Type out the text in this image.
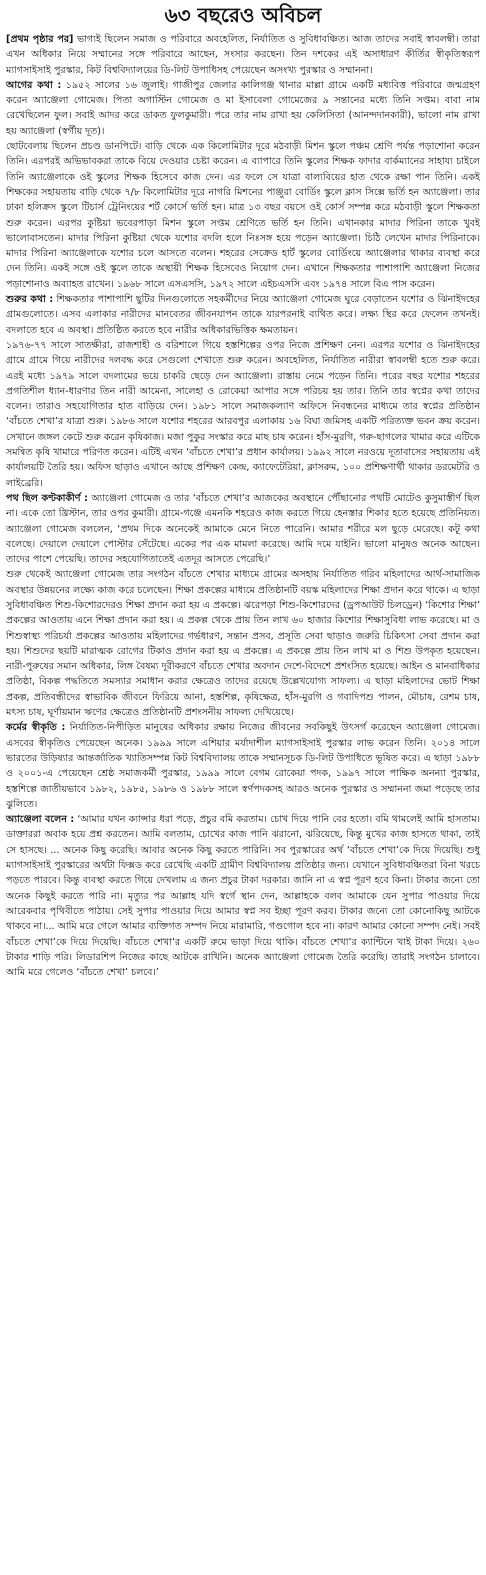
৬৩ বছরেও অবিচল

[প্রথম পৃষ্ঠার পর] ভাগ্যই ছিলেন সমাজ ও পরিবারে অবহেলিত, নির্যাতিত ও সুবিধাবঞ্চিত। আজ তাদের সবাই স্বাবলম্বী। তারা এখন অধিকার নিয়ে সম্মানের সঙ্গে পরিবারে আছেন, সংসার করছেন। তিন দশকের এই অসাধারণ কীর্তির স্বীকৃতিস্বরূপ ম্যাগসাইসাই পুরস্কার, কিট বিশ্ববিদ্যালয়ের ডি-লিট উপাধিসহ পেয়েছেন অসংখ্য পুরস্কার ও সম্মাননা।

আগের কথা : ১৯৫২ সালের ১৬ জুলাই। গাজীপুর জেলার কালিগঞ্জ থানার মাল্লা গ্রামে একটি মধ্যবিত্ত পরিবারে জন্মগ্রহণ করেন অ্যাঞ্জেলা গোমেজ। পিতা অগাস্টিন গোমেজ ও মা ইসাবেলা গোমেজের ৯ সন্তানের মধ্যে তিনি সপ্তম। বাবা নাম রেখেছিলেন ফুল। সবাই আদর করে ডাকত ফুলকুমারী। পরে তার নাম রাখা হয় কেলিসিতা (আনন্দদানকারী), ভালো নাম রাখা হয় অ্যাঞ্জেলা (স্বর্গীয় দূত)।

ছোটবেলায় ছিলেন প্রচণ্ড ডানপিটে। বাড়ি থেকে এক কিলোমিটার দূরে মঠবাড়ী মিশন স্কুলে পঞ্চম শ্রেণি পর্যন্ত পড়াশোনা করেন তিনি। এরপরই অভিভাবকরা তাকে বিয়ে দেওয়ার চেষ্টা করেন। এ ব্যাপারে তিনি স্কুলের শিক্ষক ফাদার বার্কম্যানের সাহায্য চাইলে তিনি অ্যাঞ্জেলাকে ওই স্কুলের শিক্ষক হিসেবে কাজ দেন। এর ফলে সে যাত্রা বাল্যবিয়ের হাত থেকে রক্ষা পান তিনি। একই শিক্ষকের সহায়তায় বাড়ি থেকে ৭/৮ কিলোমিটার দূরে নাগরি মিশনের পাঞ্জুরা বোর্ডিং স্কুলে ক্লাস সিক্সে ভর্তি হন অ্যাঞ্জেলা। তার ঢাকা হলিক্রস স্কুলে টিচার্স ট্রেনিংয়ের শর্ট কোর্সে ভর্তি হন। মাত্র ১৩ বছর বয়সে ওই কোর্স সম্পন্ন করে মঠবাড়ী স্কুলে শিক্ষকতা শুরু করেন। এরপর কুষ্টিয়া ভবেরপাড়া মিশন স্কুলে সপ্তম শ্রেণিতে ভর্তি হন তিনি। এখানকার মাদার পিরিনা তাকে খুবই ভালোবাসতেন। মাদার পিরিনা কুষ্টিয়া থেকে যশোর বদলি হলে নিঃসঙ্গ হয়ে পড়েন অ্যাঞ্জেলা। চিঠি লেখেন মাদার পিরিনাকে। মাদার পিরিনা অ্যাঞ্জেলাকে যশোর চলে আসতে বলেন। শহরের সেক্রেড হার্ট স্কুলের বোর্ডিংয়ে অ্যাঞ্জেলার থাকার ব্যবস্থা করে দেন তিনি। একই সঙ্গে ওই স্কুলে তাকে অস্থায়ী শিক্ষক হিসেবেও নিয়োগ দেন। এখানে শিক্ষকতার পাশাপাশি অ্যাঞ্জেলা নিজের পড়াশোনাও অব্যাহত রাখেন। ১৯৬৮ সালে এসএসসি, ১৯৭২ সালে এইচএসসি এবং ১৯৭৪ সালে বিএ পাস করেন।

শুরুর কথা : শিক্ষকতার পাশাপাশি ছুটির দিনগুলোতে সহকর্মীদের নিয়ে অ্যাঞ্জেলা গোমেজ ঘুরে বেড়াতেন যশোর ও ঝিনাইদহের গ্রামগুলোতে। এসব এলাকার নারীদের মানবেতর জীবনযাপন তাকে যারপরনাই ব্যথিত করে। লক্ষ্য স্থির করে ফেলেন তখনই। বদলাতে হবে এ অবস্থা। প্রতিষ্ঠিত করতে হবে নারীর অধিকারভিত্তিক ক্ষমতায়ন।

১৯৭৬-৭৭ সালে সাতক্ষীরা, রাজশাহী ও বরিশালে গিয়ে হস্তশিল্পের ওপর নিজে প্রশিক্ষণ নেন। এরপর যশোর ও ঝিনাইদহের গ্রামে গ্রামে গিয়ে নারীদের দলবদ্ধ করে সেগুলো শেখাতে শুরু করেন। অবহেলিত, নির্যাতিত নারীরা স্বাবলম্বী হতে শুরু করে। এরই মধ্যে ১৯৭৯ সালে বদলামের ভয়ে চাকরি ছেড়ে দেন অ্যাঞ্জেলা। রাস্তায় নেমে পড়েন তিনি। পরের বছর যশোর শহরের প্রগতিশীল ধ্যান-ধারণার তিন নারী আমেনা, সালেহা ও রোকেয়া আপার সঙ্গে পরিচয় হয় তার। তিনি তার স্বপ্নের কথা তাদের বলেন। তারাও সহযোগিতার হাত বাড়িয়ে দেন। ১৯৮১ সালে সমাজকল্যাণ অফিসে নিবন্ধনের মাধ্যমে তার স্বপ্নের প্রতিষ্ঠান ‘বাঁচতে শেখা’র যাত্রা শুরু। ১৯৮৬ সালে যশোর শহরের আরবপুর এলাকায় ১৬ বিঘা জমিসহ একটি পরিত্যক্ত ভবন ক্রয় করেন। সেখানে জঙ্গল কেটে শুরু করেন কৃষিকাজ। মজা পুকুর সংস্কার করে মাছ চাষ করেন। হাঁস-মুরগি, গরু-ছাগলের খামার করে এটিকে সমন্বিত কৃষি খামারে পরিণত করেন। এটিই এখন ‘বাঁচতে শেখা’র প্রধান কার্যালয়। ১৯৯২ সালে নরওয়ে দূতাবাসের সহায়তায় এই কার্যালয়টি তৈরি হয়। অফিস ছাড়াও এখানে আছে প্রশিক্ষণ কেন্দ্র, ক্যাফেটেরিয়া, ক্লাসরুম, ১০০ প্রশিক্ষণার্থী থাকার ডরমেটরি ও লাইব্রেরি।

পথ ছিল কণ্টকাকীর্ণ : অ্যাঞ্জেলা গোমেজ ও তার ‘বাঁচতে শেখা’র আজকের অবস্থানে পৌঁছানোর পথটি মোটেও কুসুমাস্তীর্ণ ছিল না। একে তো খ্রিস্টান, তার ওপর কুমারী। গ্রামে-গঞ্জে এমনকি শহরেও কাজ করতে গিয়ে হেনস্তার শিকার হতে হয়েছে প্রতিনিয়ত। অ্যাঞ্জেলা গোমেজ বললেন, ‘প্রথম দিকে অনেকেই আমাকে মেনে নিতে পারেনি। আমার শরীরে মল ছুড়ে মেরেছে। কটূ কথা বলেছে। দেয়ালে দেয়ালে পোস্টার সেঁটেছে। একের পর এক মামলা করেছে। আমি দমে যাইনি। ভালো মানুষও অনেক আছেন। তাদের পাশে পেয়েছি। তাদের সহযোগিতাতেই এতদূর আসতে পেরেছি।’

শুরু থেকেই অ্যাঞ্জেলা গোমেজ তার সংগঠন বাঁচতে শেখার মাধ্যমে গ্রামের অসহায় নির্যাতিত গরিব মহিলাদের আর্থ-সামাজিক অবস্থার উন্নয়নের লক্ষ্যে কাজ করে চলেছেন। শিক্ষা প্রকল্পের মাধ্যমে প্রতিষ্ঠানটি বয়স্ক মহিলাদের শিক্ষা প্রদান করে থাকে। এ ছাড়া সুবিধাবঞ্চিত শিশু-কিশোরদেরও শিক্ষা প্রদান করা হয় এ প্রকল্পে। ঝরেপড়া শিশু-কিশোরদের (ড্রপআউট চিলড্রেন) ‘কিশোর শিক্ষা’ প্রকল্পের আওতায় এনে শিক্ষা প্রদান করা হয়। এ প্রকল্প থেকে প্রায় তিন লাখ ৬০ হাজার কিশোর শিক্ষাসুবিধা লাভ করেছে। মা ও শিশুস্বাস্থ্য পরিচর্যা প্রকল্পের আওতায় মহিলাদের গর্ভধারণ, সন্তান প্রসব, প্রসূতি সেবা ছাড়াও জরুরি চিকিৎসা সেবা প্রদান করা হয়। শিশুদের ছয়টি মারাত্মক রোগের টিকাও প্রদান করা হয় এ প্রকল্পে। এ প্রকল্পে প্রায় তিন লাখ মা ও শিশু উপকৃত হয়েছেন। নারী-পুরুষের সমান অধিকার, লিঙ্গ বৈষম্য দূরীকরণে বাঁচতে শেখার অবদান দেশে-বিদেশে প্রশংসিত হয়েছে। আইন ও মানবাধিকার প্রতিষ্ঠা, বিকল্প পদ্ধতিতে সমস্যার সমাধান করার ক্ষেত্রেও তাদের রয়েছে উল্লেখযোগ্য সাফল্য। এ ছাড়া মহিলাদের ভোট শিক্ষা প্রকল্প, প্রতিবন্ধীদের স্বাভাবিক জীবনে ফিরিয়ে আনা, হস্তশিল্প, কৃষিক্ষেত্র, হাঁস-মুরগি ও গবাদিপশু পালন, মৌচাষ, রেশম চাষ, মৎস্য চাষ, ঘূর্ণায়মান ঋণের ক্ষেত্রেও প্রতিষ্ঠানটি প্রশংসনীয় সাফল্য দেখিয়েছে।

কর্মের স্বীকৃতি : নির্যাতিত-নিপীড়িত মানুষের অধিকার রক্ষায় নিজের জীবনের সবকিছুই উৎসর্গ করেছেন অ্যাঞ্জেলা গোমেজ। এসবের স্বীকৃতিও পেয়েছেন অনেক। ১৯৯৯ সালে এশিয়ার মর্যাদাশীল ম্যাগসাইসাই পুরস্কার লাভ করেন তিনি। ২০১৪ সালে ভারতের উড়িষ্যার আন্তর্জাতিক খ্যাতিসম্পন্ন কিট বিশ্ববিদ্যালয় তাকে সম্মানসূচক ডি-লিট উপাধিতে ভূষিত করে। এ ছাড়া ১৯৮৮ ও ২০০১-এ পেয়েছেন শ্রেষ্ঠ সমাজকর্মী পুরস্কার, ১৯৯৯ সালে বেগম রোকেয়া পদক, ১৯৯৭ সালে পাক্ষিক অনন্যা পুরস্কার, হস্তশিল্পে জাতীয়ভাবে ১৯৮২, ১৯৮৫, ১৯৮৬ ও ১৯৮৮ সালে স্বর্ণপদকসহ আরও অনেক পুরস্কার ও সম্মাননা জমা পড়েছে তার ঝুলিতে।

অ্যাঞ্জেলা বলেন : ‘আমার যখন ক্যান্সার ধরা পড়ে, প্রচুর বমি করতাম। চোখ দিয়ে পানি বের হতো। বমি থামলেই আমি হাসতাম। ডাক্তাররা অবাক হয়ে প্রশ্ন করতেন। আমি বলতাম, চোখের কাজ পানি ঝরানো, ঝরিয়েছে, কিন্তু মুখের কাজ হাসতে থাকা, তাই সে হাসছে। ... অনেক কিছু করেছি। আবার অনেক কিছু করতে পারিনি। সব পুরস্কারের অর্থ ‘বাঁচতে শেখা’কে দিয়ে দিয়েছি। শুধু ম্যাগসাইসাই পুরস্কারের অর্থটা ফিক্সড করে রেখেছি একটি গ্রামীণ বিশ্ববিদ্যালয় প্রতিষ্ঠার জন্য। যেখানে সুবিধাবঞ্চিতরা বিনা খরচে পড়তে পারবে। কিন্তু ব্যবস্থা করতে গিয়ে দেখলাম এ জন্য প্রচুর টাকা দরকার। জানি না এ স্বপ্ন পূরণ হবে কিনা। টাকার জন্যে তো অনেক কিছুই করতে পারি না। মৃত্যুর পর আল্লাহ যদি স্বর্গে স্থান দেন, আল্লাহকে বলব আমাকে যেন সুপার পাওয়ার দিয়ে আরেকবার পৃথিবীতে পাঠায়। সেই সুপার পাওয়ার দিয়ে আমার স্বপ্ন সব ইচ্ছা পূরণ করব। টাকার জন্যে তো কোনোকিছু আটকে থাকবে না।... আমি মরে গেলে আমার ব্যক্তিগত সম্পদ নিয়ে মারামারি, গণ্ডগোল হবে না। কারণ আমার কোনো সম্পদ নেই। সবই বাঁচতে শেখা’কে দিয়ে দিয়েছি। বাঁচতে শেখা’র একটি রুমে ভাড়া দিয়ে থাকি। বাঁচতে শেখা’র ক্যান্টিনে খাই টাকা দিয়ে। ২৬০ টাকার শাড়ি পরি। লিডারশিপ নিজের কাছে আটকে রাখিনি। অনেক অ্যাঞ্জেলা গোমেজ তৈরি করেছি। তারাই সংগঠন চালাবে। আমি মরে গেলেও ‘বাঁচতে শেখা’ চলবে।’
